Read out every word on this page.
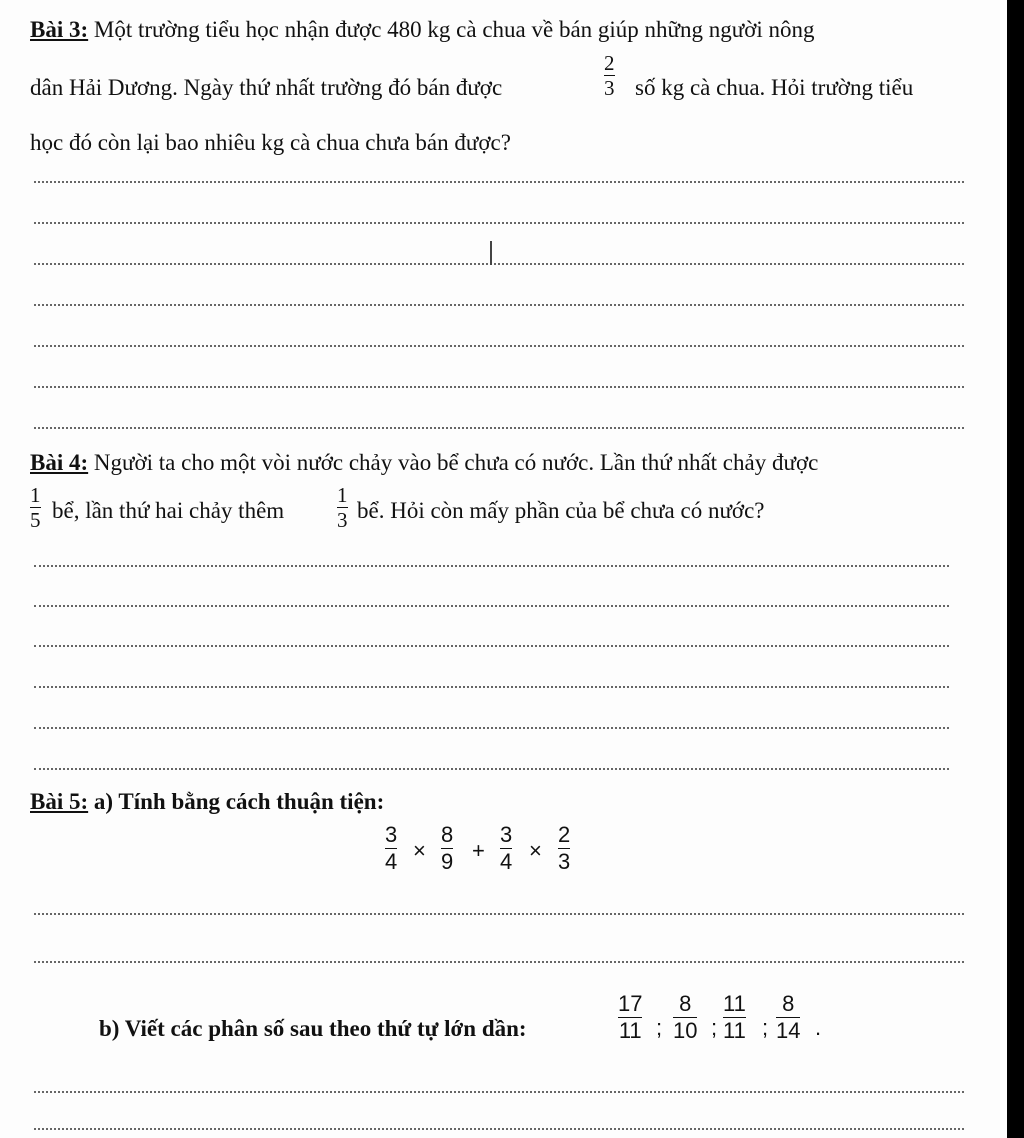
Bài 3: Một trường tiểu học nhận được 480 kg cà chua về bán giúp những người nông
dân Hải Dương. Ngày thứ nhất trường đó bán được
2
3 số kg cà chua. Hỏi trường tiểu
học đó còn lại bao nhiêu kg cà chua chưa bán được?
Bài 4: Người ta cho một vòi nước chảy vào bể chưa có nước. Lần thứ nhất chảy được
1
5 bể, lần thứ hai chảy thêm
1
3 bể. Hỏi còn mấy phần của bể chưa có nước?
Bài 5: a) Tính bằng cách thuận tiện:
3
4 ×
8
9 +
3
4 ×
2
3
b) Viết các phân số sau theo thứ tự lớn dần:
17
11 ;
8
10 ;
11
11 ;
8
14 .
